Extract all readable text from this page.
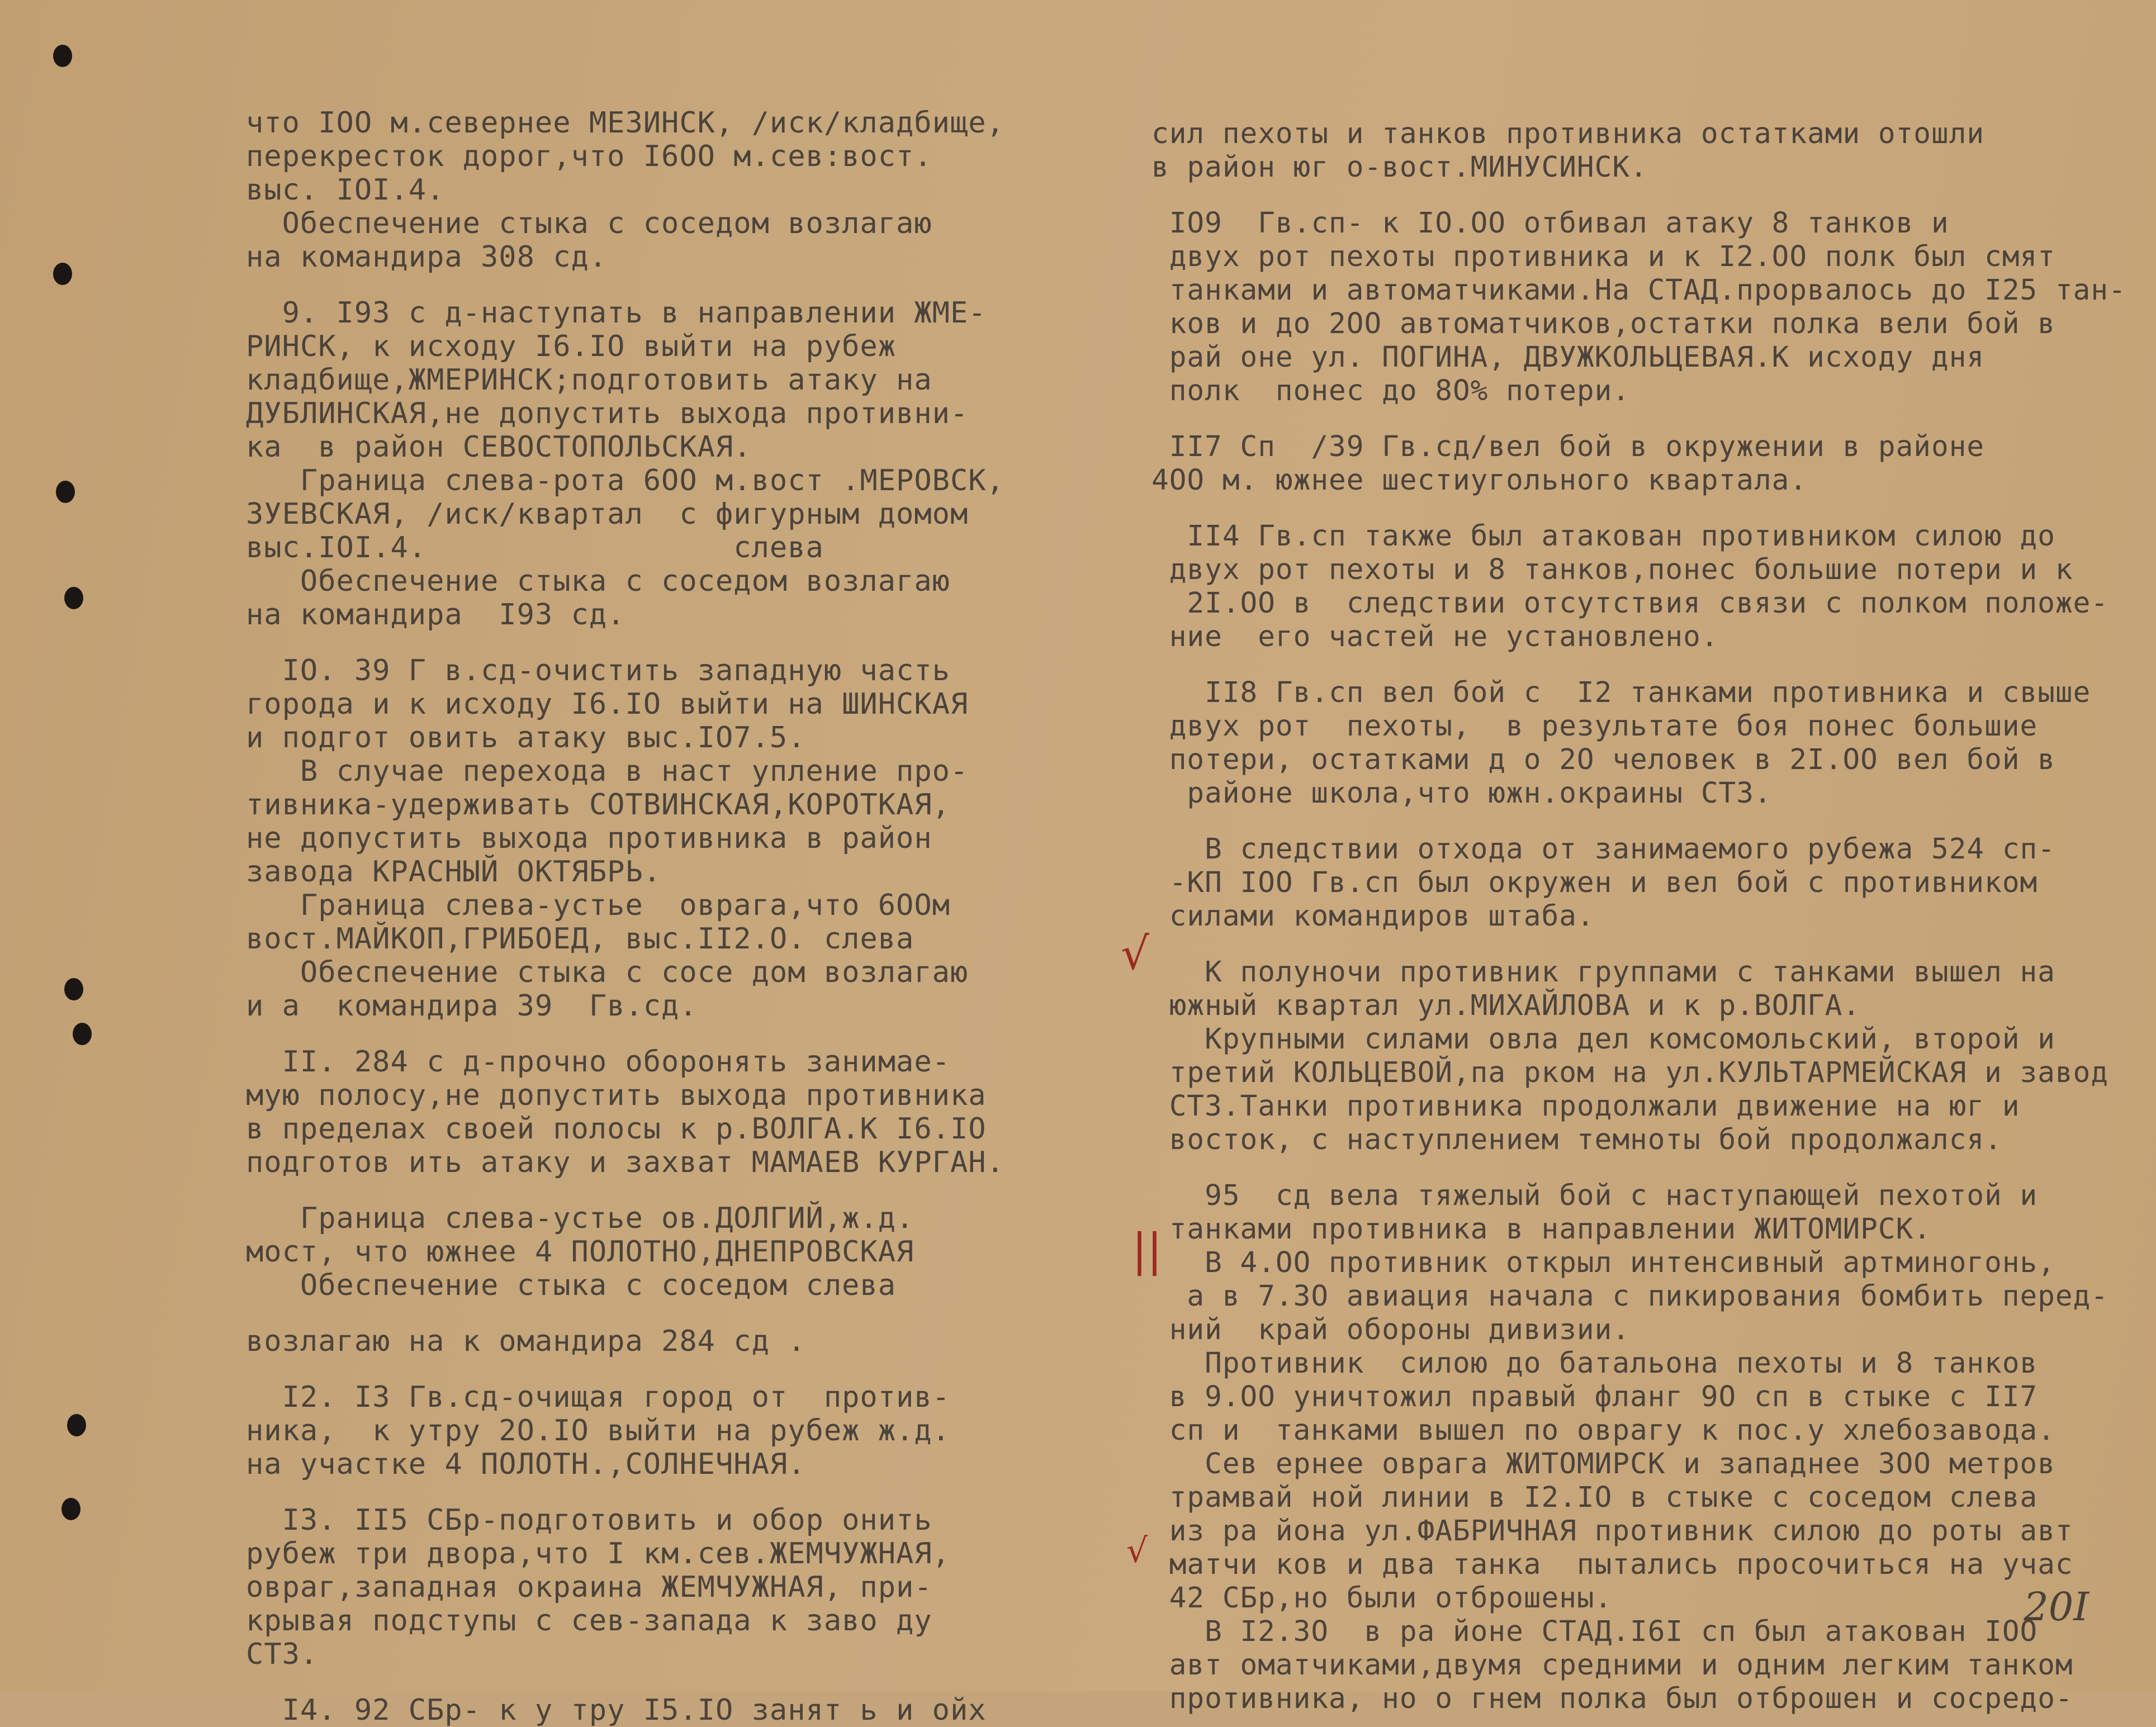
что IOO м.севернее МЕЗИНСК, /иск/кладбище,
перекресток дорог,что I6OO м.сев:вост.
выс. IOI.4.
Обеспечение стыка с соседом возлагаю
на командира 308 сд.
9. I93 с д-наступать в направлении ЖМЕ-
РИНСК, к исходу I6.IO выйти на рубеж
кладбище,ЖМЕРИНСК;подготовить атаку на
ДУБЛИНСКАЯ,не допустить выхода противни-
ка  в район СЕВОСТОПОЛЬСКАЯ.
Граница слева-рота 6OO м.вост .МЕРОВСК,
ЗУЕВСКАЯ, /иск/квартал  с фигурным домом
выс.IOI.4.                 слева
Обеспечение стыка с соседом возлагаю
на командира  I93 сд.
IO. 39 Г в.сд-очистить западную часть
города и к исходу I6.IO выйти на ШИНСКАЯ
и подгот овить атаку выс.IO7.5.
В случае перехода в наст упление про-
тивника-удерживать СОТВИНСКАЯ,КОРОТКАЯ,
не допустить выхода противника в район
завода КРАСНЫЙ ОКТЯБРЬ.
Граница слева-устье  оврага,что 6OOм
вост.МАЙКОП,ГРИБОЕД, выс.II2.O. слева
Обеспечение стыка с сосе дом возлагаю
и а  командира 39  Гв.сд.
II. 284 с д-прочно оборонять занимае-
мую полосу,не допустить выхода противника
в пределах своей полосы к р.ВОЛГА.К I6.IO
подготов ить атаку и захват МАМАЕВ КУРГАН.
Граница слева-устье ов.ДОЛГИЙ,ж.д.
мост, что южнее 4 ПОЛОТНО,ДНЕПРОВСКАЯ
Обеспечение стыка с соседом слева
возлагаю на к омандира 284 сд .
I2. I3 Гв.сд-очищая город от  против-
ника,  к утру 2O.IO выйти на рубеж ж.д.
на участке 4 ПОЛОТН.,СОЛНЕЧНАЯ.
I3. II5 СБр-подготовить и обор онить
рубеж три двора,что I км.сев.ЖЕМЧУЖНАЯ,
овраг,западная окраина ЖЕМЧУЖНАЯ, при-
крывая подступы с сев-запада к заво ду
СТЗ.
I4. 92 СБр- к у тру I5.IO занят ь и ойх
сил пехоты и танков противника остатками отошли
в район юг о-вост.МИНУСИНСК.
IO9  Гв.сп- к IO.OO отбивал атаку 8 танков и
двух рот пехоты противника и к I2.OO полк был смят
танками и автоматчиками.На СТАД.прорвалось до I25 тан-
ков и до 2OO автоматчиков,остатки полка вели бой в
рай оне ул. ПОГИНА, ДВУЖКОЛЬЦЕВАЯ.К исходу дня
полк  понес до 8O% потери.
II7 Сп  /39 Гв.сд/вел бой в окружении в районе
4OO м. южнее шестиугольного квартала.
II4 Гв.сп также был атакован противником силою до
двух рот пехоты и 8 танков,понес большие потери и к
2I.OO в  следствии отсутствия связи с полком положе-
ние  его частей не установлено.
II8 Гв.сп вел бой с  I2 танками противника и свыше
двух рот  пехоты,  в результате боя понес большие
потери, остатками д о 2O человек в 2I.OO вел бой в
районе школа,что южн.окраины СТЗ.
В следствии отхода от занимаемого рубежа 524 сп-
-КП IOO Гв.сп был окружен и вел бой с противником
силами командиров штаба.
К полуночи противник группами с танками вышел на
южный квартал ул.МИХАЙЛОВА и к р.ВОЛГА.
Крупными силами овла дел комсомольский, второй и
третий КОЛЬЦЕВОЙ,па рком на ул.КУЛЬТАРМЕЙСКАЯ и завод
СТЗ.Танки противника продолжали движение на юг и
восток, с наступлением темноты бой продолжался.
95  сд вела тяжелый бой с наступающей пехотой и
танками противника в направлении ЖИТОМИРСК.
В 4.OO противник открыл интенсивный артминогонь,
а в 7.3O авиация начала с пикирования бомбить перед-
ний  край обороны дивизии.
Противник  силою до батальона пехоты и 8 танков
в 9.OO уничтожил правый фланг 9O сп в стыке с II7
сп и  танками вышел по оврагу к пос.у хлебозавода.
Сев ернее оврага ЖИТОМИРСК и западнее 3OO метров
трамвай ной линии в I2.IO в стыке с соседом слева
из ра йона ул.ФАБРИЧНАЯ противник силою до роты авт
матчи ков и два танка  пытались просочиться на учас
42 СБр,но были отброшены.
В I2.3O  в ра йоне СТАД.I6I сп был атакован IOO
авт оматчиками,двумя средними и одним легким танком
противника, но о гнем полка был отброшен и сосредо-
√
||
√
20I
